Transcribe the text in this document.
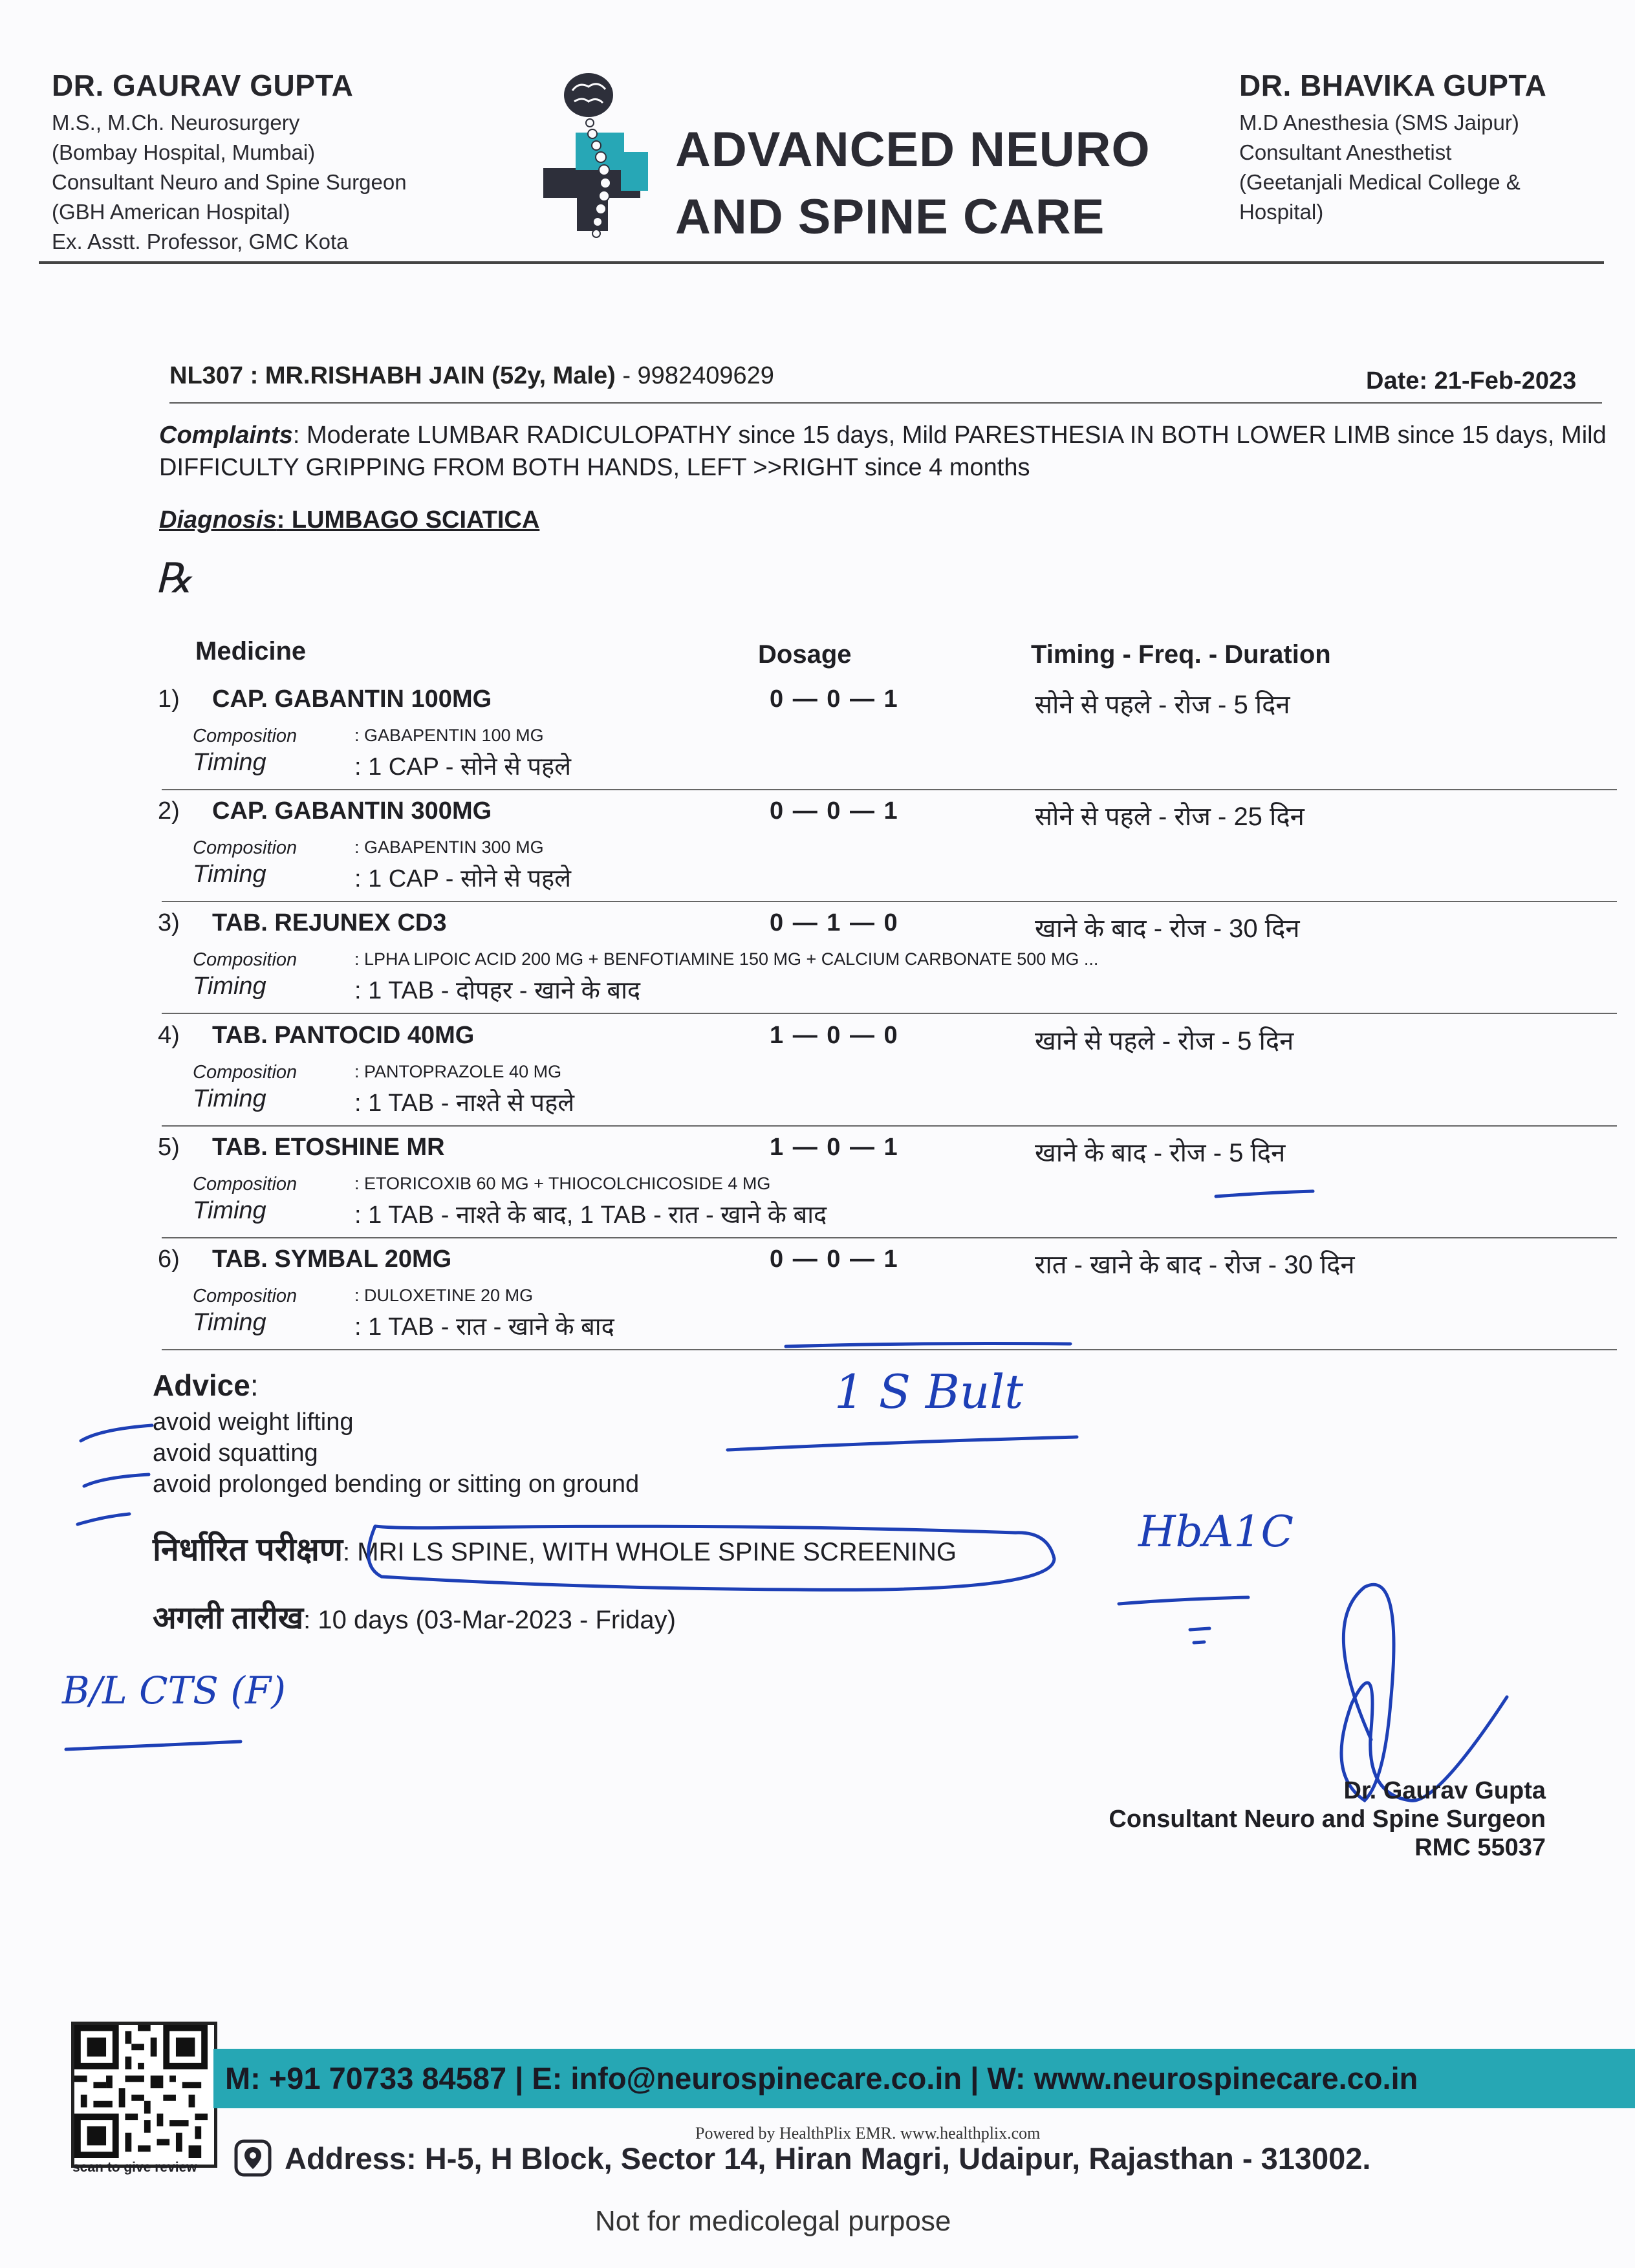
DR. GAURAV GUPTA
M.S., M.Ch. Neurosurgery
(Bombay Hospital, Mumbai)
Consultant Neuro and Spine Surgeon
(GBH American Hospital)
Ex. Asstt. Professor, GMC Kota
ADVANCED NEURO
AND SPINE CARE
DR. BHAVIKA GUPTA
M.D Anesthesia (SMS Jaipur)
Consultant Anesthetist
(Geetanjali Medical College &
Hospital)
NL307 : MR.RISHABH JAIN (52y, Male) - 9982409629	Date: 21-Feb-2023
Complaints: Moderate LUMBAR RADICULOPATHY since 15 days, Mild PARESTHESIA IN BOTH LOWER LIMB since 15 days, Mild DIFFICULTY GRIPPING FROM BOTH HANDS, LEFT >>RIGHT since 4 months
Diagnosis: LUMBAGO SCIATICA
℞
Medicine	Dosage	Timing - Freq. - Duration
1) CAP. GABANTIN 100MG	0 — 0 — 1	सोने से पहले - रोज - 5 दिन
Composition	: GABAPENTIN 100 MG
Timing	: 1 CAP - सोने से पहले
2) CAP. GABANTIN 300MG	0 — 0 — 1	सोने से पहले - रोज - 25 दिन
Composition	: GABAPENTIN 300 MG
Timing	: 1 CAP - सोने से पहले
3) TAB. REJUNEX CD3	0 — 1 — 0	खाने के बाद - रोज - 30 दिन
Composition	: LPHA LIPOIC ACID 200 MG + BENFOTIAMINE 150 MG + CALCIUM CARBONATE 500 MG ...
Timing	: 1 TAB - दोपहर - खाने के बाद
4) TAB. PANTOCID 40MG	1 — 0 — 0	खाने से पहले - रोज - 5 दिन
Composition	: PANTOPRAZOLE 40 MG
Timing	: 1 TAB - नाश्ते से पहले
5) TAB. ETOSHINE MR	1 — 0 — 1	खाने के बाद - रोज - 5 दिन
Composition	: ETORICOXIB 60 MG + THIOCOLCHICOSIDE 4 MG
Timing	: 1 TAB - नाश्ते के बाद, 1 TAB - रात - खाने के बाद
6) TAB. SYMBAL 20MG	0 — 0 — 1	रात - खाने के बाद - रोज - 30 दिन
Composition	: DULOXETINE 20 MG
Timing	: 1 TAB - रात - खाने के बाद
Advice:
avoid weight lifting
avoid squatting
avoid prolonged bending or sitting on ground
निर्धारित परीक्षण: MRI LS SPINE, WITH WHOLE SPINE SCREENING
अगली तारीख: 10 days (03-Mar-2023 - Friday)
1 S Bult
HbA1C
B/L CTS (F)
Dr. Gaurav Gupta
Consultant Neuro and Spine Surgeon
RMC 55037
scan to give review
M: +91 70733 84587 | E: info@neurospinecare.co.in | W: www.neurospinecare.co.in
Powered by HealthPlix EMR. www.healthplix.com
Address: H-5, H Block, Sector 14, Hiran Magri, Udaipur, Rajasthan - 313002.
Not for medicolegal purpose
